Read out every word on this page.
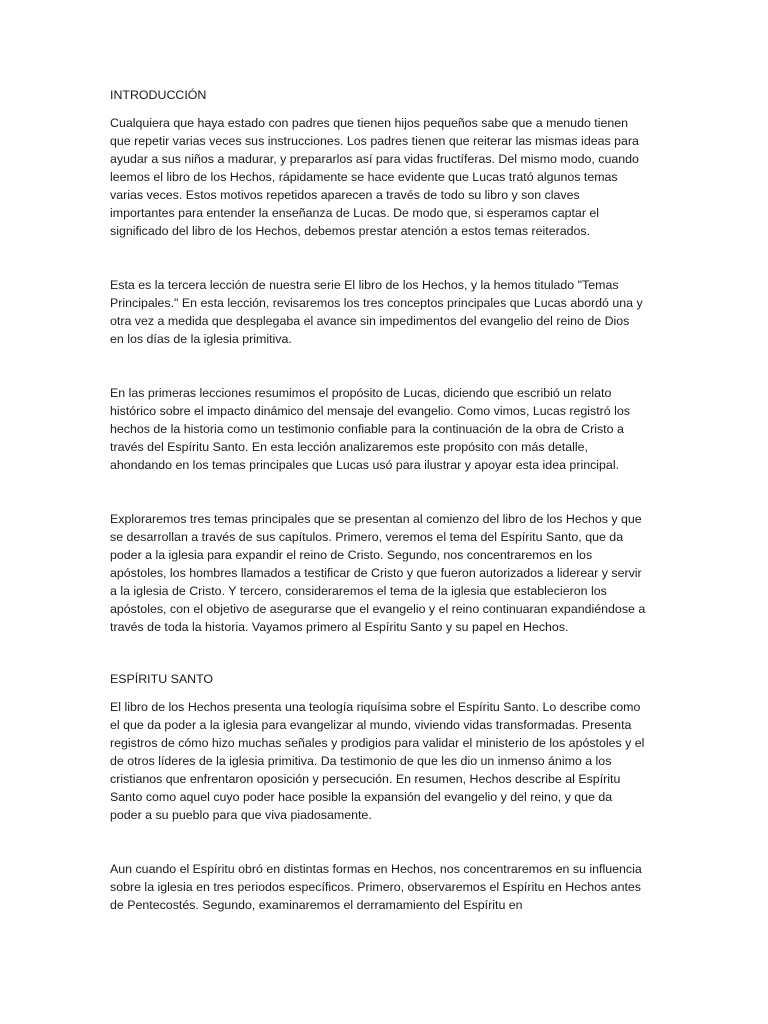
INTRODUCCIÓN

Cualquiera que haya estado con padres que tienen hijos pequeños sabe que a menudo tienen que repetir varias veces sus instrucciones. Los padres tienen que reiterar las mismas ideas para ayudar a sus niños a madurar, y prepararlos así para vidas fructíferas. Del mismo modo, cuando leemos el libro de los Hechos, rápidamente se hace evidente que Lucas trató algunos temas varias veces. Estos motivos repetidos aparecen a través de todo su libro y son claves importantes para entender la enseñanza de Lucas. De modo que, si esperamos captar el significado del libro de los Hechos, debemos prestar atención a estos temas reiterados.

Esta es la tercera lección de nuestra serie El libro de los Hechos, y la hemos titulado "Temas Principales." En esta lección, revisaremos los tres conceptos principales que Lucas abordó una y otra vez a medida que desplegaba el avance sin impedimentos del evangelio del reino de Dios en los días de la iglesia primitiva.

En las primeras lecciones resumimos el propósito de Lucas, diciendo que escribió un relato histórico sobre el impacto dinámico del mensaje del evangelio. Como vimos, Lucas registró los hechos de la historia como un testimonio confiable para la continuación de la obra de Cristo a través del Espíritu Santo. En esta lección analizaremos este propósito con más detalle, ahondando en los temas principales que Lucas usó para ilustrar y apoyar esta idea principal.

Exploraremos tres temas principales que se presentan al comienzo del libro de los Hechos y que se desarrollan a través de sus capítulos. Primero, veremos el tema del Espíritu Santo, que da poder a la iglesia para expandir el reino de Cristo. Segundo, nos concentraremos en los apóstoles, los hombres llamados a testificar de Cristo y que fueron autorizados a liderear y servir a la iglesia de Cristo. Y tercero, consideraremos el tema de la iglesia que establecieron los apóstoles, con el objetivo de asegurarse que el evangelio y el reino continuaran expandiéndose a través de toda la historia. Vayamos primero al Espíritu Santo y su papel en Hechos.

ESPÍRITU SANTO

El libro de los Hechos presenta una teología riquísima sobre el Espíritu Santo. Lo describe como el que da poder a la iglesia para evangelizar al mundo, viviendo vidas transformadas. Presenta registros de cómo hizo muchas señales y prodigios para validar el ministerio de los apóstoles y el de otros líderes de la iglesia primitiva. Da testimonio de que les dio un inmenso ánimo a los cristianos que enfrentaron oposición y persecución. En resumen, Hechos describe al Espíritu Santo como aquel cuyo poder hace posible la expansión del evangelio y del reino, y que da poder a su pueblo para que viva piadosamente.

Aun cuando el Espíritu obró en distintas formas en Hechos, nos concentraremos en su influencia sobre la iglesia en tres periodos específicos. Primero, observaremos el Espíritu en Hechos antes de Pentecostés. Segundo, examinaremos el derramamiento del Espíritu en
